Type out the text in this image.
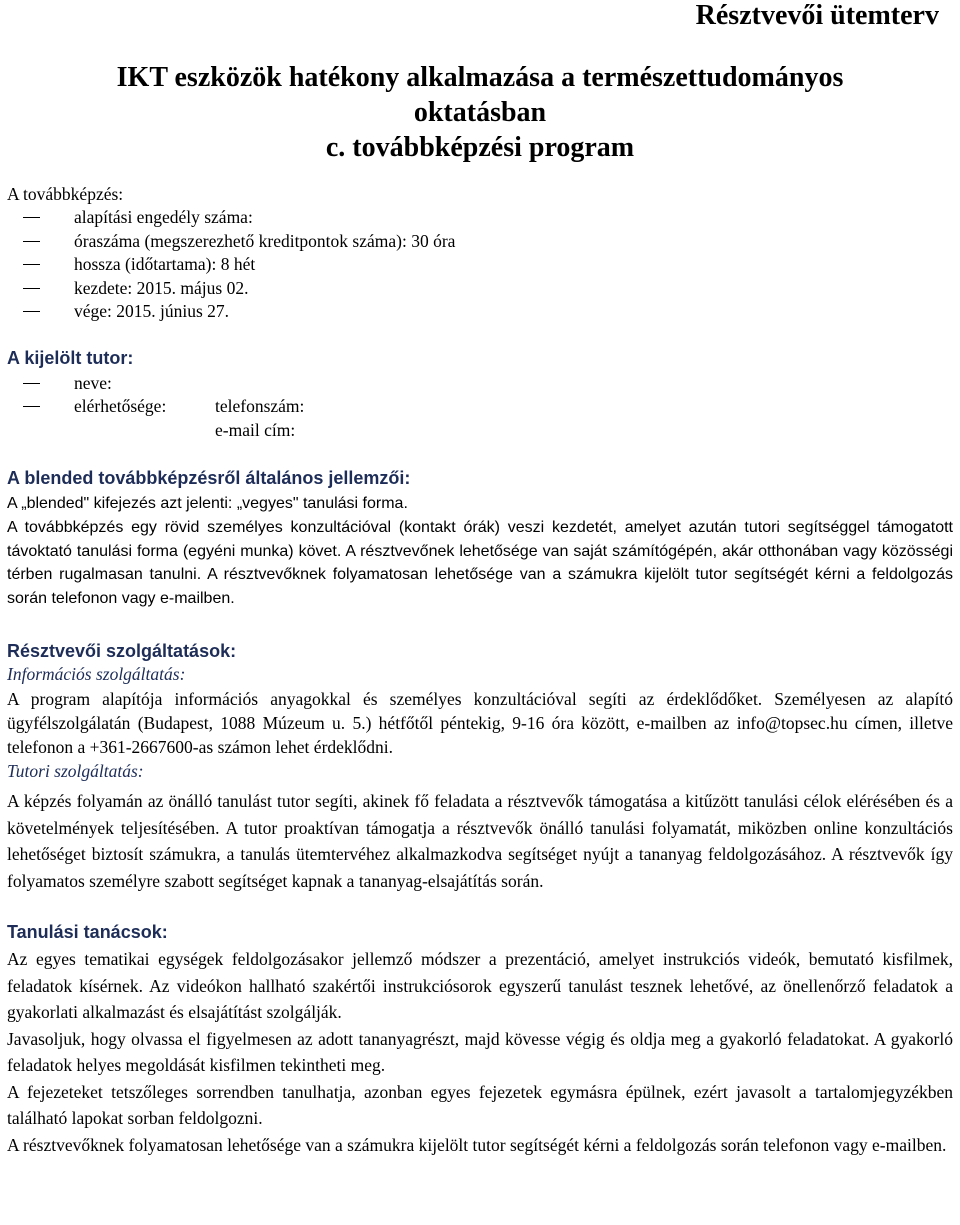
Résztvevői ütemterv
IKT eszközök hatékony alkalmazása a természettudományos
oktatásban
c. továbbképzési program
A továbbképzés:
alapítási engedély száma:
óraszáma (megszerezhető kreditpontok száma): 30 óra
hossza (időtartama): 8 hét
kezdete: 2015. május 02.
vége: 2015. június 27.
A kijelölt tutor:
neve:
elérhetősége:	telefonszám:
e-mail cím:
A blended továbbképzésről általános jellemzői:
A „blended" kifejezés azt jelenti: „vegyes" tanulási forma.
A továbbképzés egy rövid személyes konzultációval (kontakt órák) veszi kezdetét, amelyet azután tutori segítséggel támogatott távoktató tanulási forma (egyéni munka) követ. A résztvevőnek lehetősége van saját számítógépén, akár otthonában vagy közösségi térben rugalmasan tanulni. A résztvevőknek folyamatosan lehetősége van a számukra kijelölt tutor segítségét kérni a feldolgozás során telefonon vagy e-mailben.
Résztvevői szolgáltatások:
Információs szolgáltatás:
A program alapítója információs anyagokkal és személyes konzultációval segíti az érdeklődőket. Személyesen az alapító ügyfélszolgálatán (Budapest, 1088 Múzeum u. 5.) hétfőtől péntekig, 9-16 óra között, e-mailben az info@topsec.hu címen, illetve telefonon a +361-2667600-as számon lehet érdeklődni.
Tutori szolgáltatás:
A képzés folyamán az önálló tanulást tutor segíti, akinek fő feladata a résztvevők támogatása a kitűzött tanulási célok elérésében és a követelmények teljesítésében. A tutor proaktívan támogatja a résztvevők önálló tanulási folyamatát, miközben online konzultációs lehetőséget biztosít számukra, a tanulás ütemtervéhez alkalmazkodva segítséget nyújt a tananyag feldolgozásához. A résztvevők így folyamatos személyre szabott segítséget kapnak a tananyag-elsajátítás során.
Tanulási tanácsok:
Az egyes tematikai egységek feldolgozásakor jellemző módszer a prezentáció, amelyet instrukciós videók, bemutató kisfilmek, feladatok kísérnek. Az videókon hallható szakértői instrukciósorok egyszerű tanulást tesznek lehetővé, az önellenőrző feladatok a gyakorlati alkalmazást és elsajátítást szolgálják.
Javasoljuk, hogy olvassa el figyelmesen az adott tananyagrészt, majd kövesse végig és oldja meg a gyakorló feladatokat. A gyakorló feladatok helyes megoldását kisfilmen tekintheti meg.
A fejezeteket tetszőleges sorrendben tanulhatja, azonban egyes fejezetek egymásra épülnek, ezért javasolt a tartalomjegyzékben található lapokat sorban feldolgozni.
A résztvevőknek folyamatosan lehetősége van a számukra kijelölt tutor segítségét kérni a feldolgozás során telefonon vagy e-mailben.
